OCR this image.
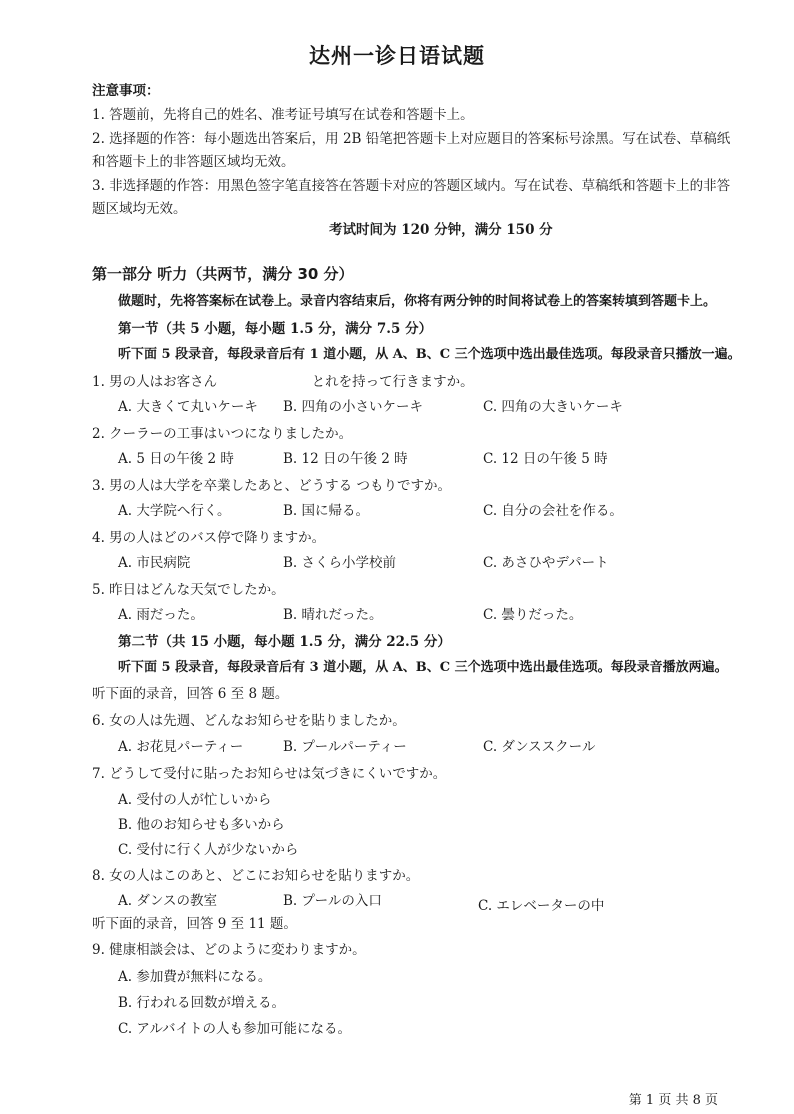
达州一诊日语试题
注意事项：
1. 答题前，先将自己的姓名、准考证号填写在试卷和答题卡上。
2. 选择题的作答：每小题选出答案后，用 2B 铅笔把答题卡上对应题目的答案标号涂黑。写在试卷、草稿纸
和答题卡上的非答题区域均无效。
3. 非选择题的作答：用黑色签字笔直接答在答题卡对应的答题区域内。写在试卷、草稿纸和答题卡上的非答
题区域均无效。
考试时间为 120 分钟，满分 150 分
第一部分 听力（共两节，满分 30 分）
做题时，先将答案标在试卷上。录音内容结束后，你将有两分钟的时间将试卷上的答案转填到答题卡上。
第一节（共 5 小题，每小题 1.5 分，满分 7.5 分）
听下面 5 段录音，每段录音后有 1 道小题，从 A、B、C 三个选项中选出最佳选项。每段录音只播放一遍。
1. 男の人はお客さん　　　　　　　とれを持って行きますか。
A. 大きくて丸いケーキ B. 四角の小さいケーキ	C. 四角の大きいケーキ
2. クーラーの工事はいつになりましたか。
A. 5 日の午後 2 時	B. 12 日の午後 2 時	C. 12 日の午後 5 時
3. 男の人は大学を卒業したあと、どうする つもりですか。
A. 大学院へ行く。	B. 国に帰る。	C. 自分の会社を作る。
4. 男の人はどのバス停で降りますか。
A. 市民病院	B. さくら小学校前	C. あさひやデパート
5. 昨日はどんな天気でしたか。
A. 雨だった。	B. 晴れだった。	C. 曇りだった。
第二节（共 15 小题，每小题 1.5 分，满分 22.5 分）
听下面 5 段录音，每段录音后有 3 道小题，从 A、B、C 三个选项中选出最佳选项。每段录音播放两遍。
听下面的录音，回答 6 至 8 题。
6. 女の人は先週、どんなお知らせを貼りましたか。
A. お花見パーティー	B. プールパーティー	C. ダンススクール
7. どうして受付に貼ったお知らせは気づきにくいですか。
A. 受付の人が忙しいから
B. 他のお知らせも多いから
C. 受付に行く人が少ないから
8. 女の人はこのあと、どこにお知らせを貼りますか。
A. ダンスの教室	B. プールの入口	C. エレベーターの中
听下面的录音，回答 9 至 11 题。
9. 健康相談会は、どのように変わりますか。
A. 参加費が無料になる。
B. 行われる回数が増える。
C. アルバイトの人も参加可能になる。
第 1 页 共 8 页
